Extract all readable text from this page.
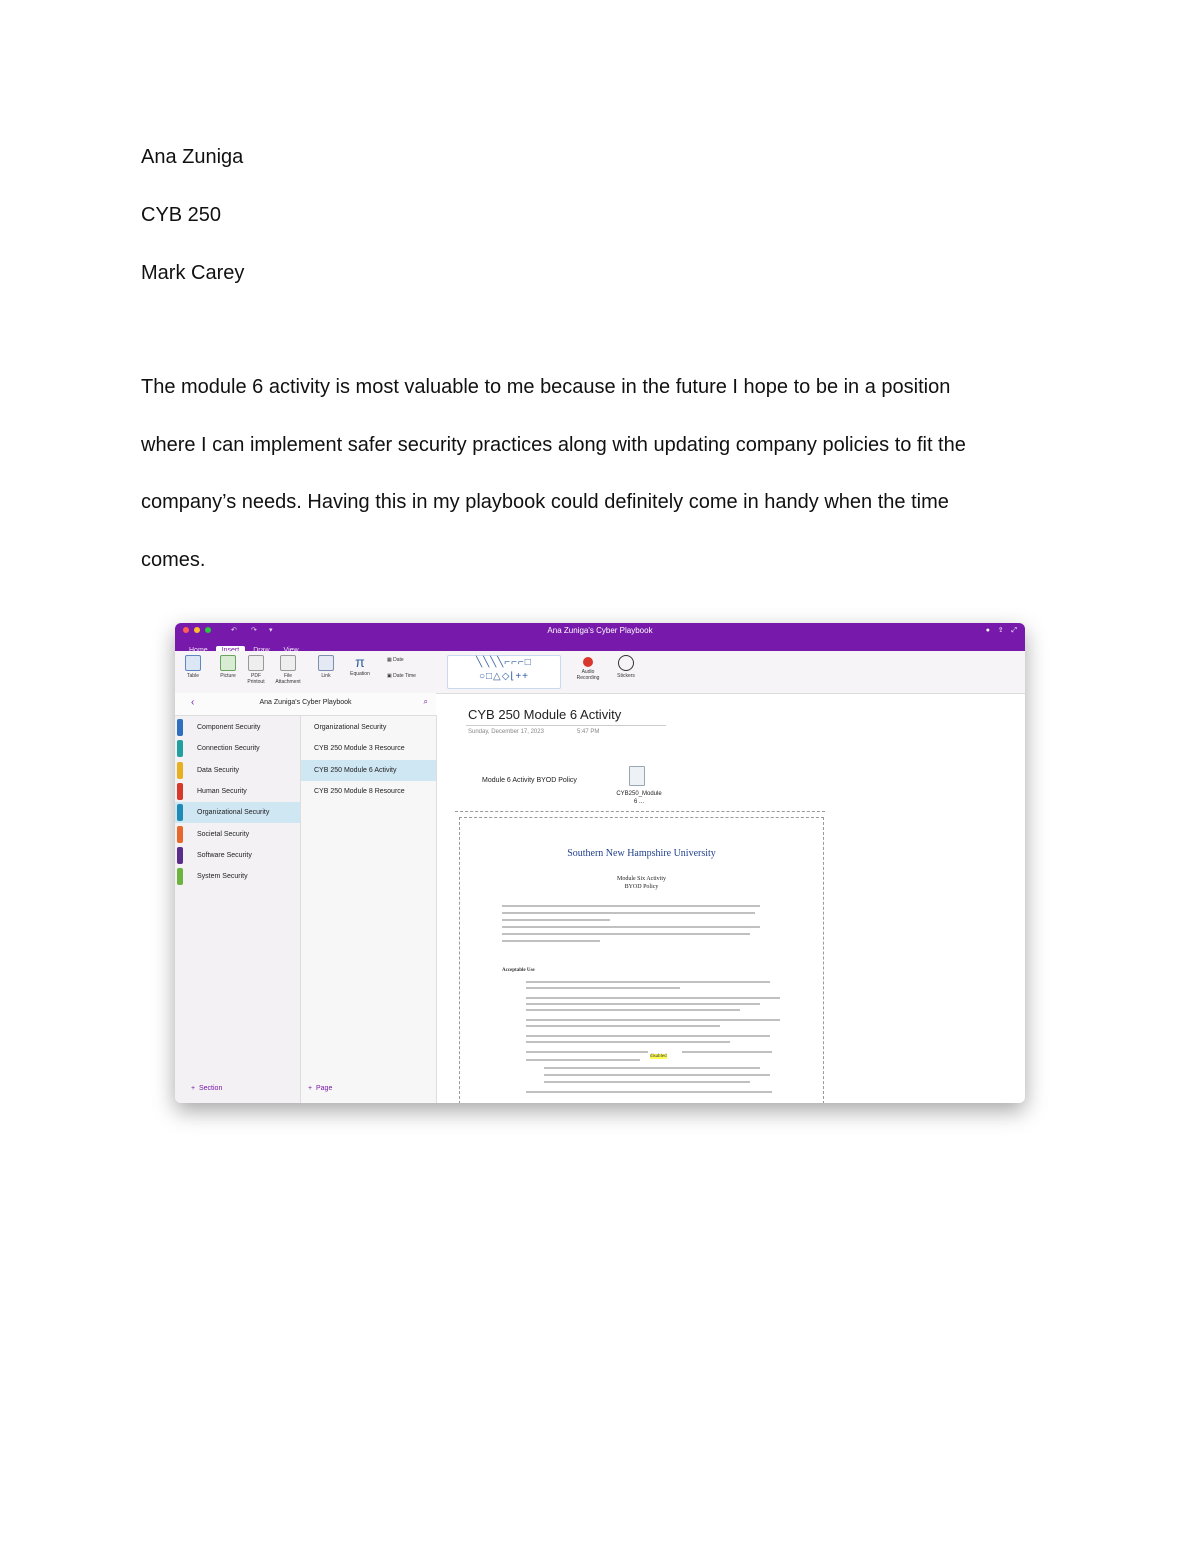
Ana Zuniga
CYB 250
Mark Carey
The module 6 activity is most valuable to me because in the future I hope to be in a position
where I can implement safer security practices along with updating company policies to fit the
company’s needs. Having this in my playbook could definitely come in handy when the time
comes.
↶ ↷ ▾	Ana Zuniga's Cyber Playbook	● ⇪ ⤢
Table	Picture	PDF Printout
File Attachment
Link
π
Equation
▦ Date
▣ Date Time
╲╲╲╲⌐⌐⌐□
○□△◇⌊++	Audio Recording	Stickers
‹	Ana Zuniga's Cyber Playbook	⌕
Component Security
Connection Security
Data Security
Human Security
Organizational Security
Societal Security
Software Security
System Security
Organizational Security
CYB 250 Module 3 Resource
CYB 250 Module 6 Activity
CYB 250 Module 8 Resource
+ Section	+ Page
CYB 250 Module 6 Activity
Sunday, December 17, 2023	5:47 PM
Module 6 Activity BYOD Policy
CYB250_Module 6 ...
Southern New Hampshire University
Module Six Activity
BYOD Policy
Acceptable Use
disabled
